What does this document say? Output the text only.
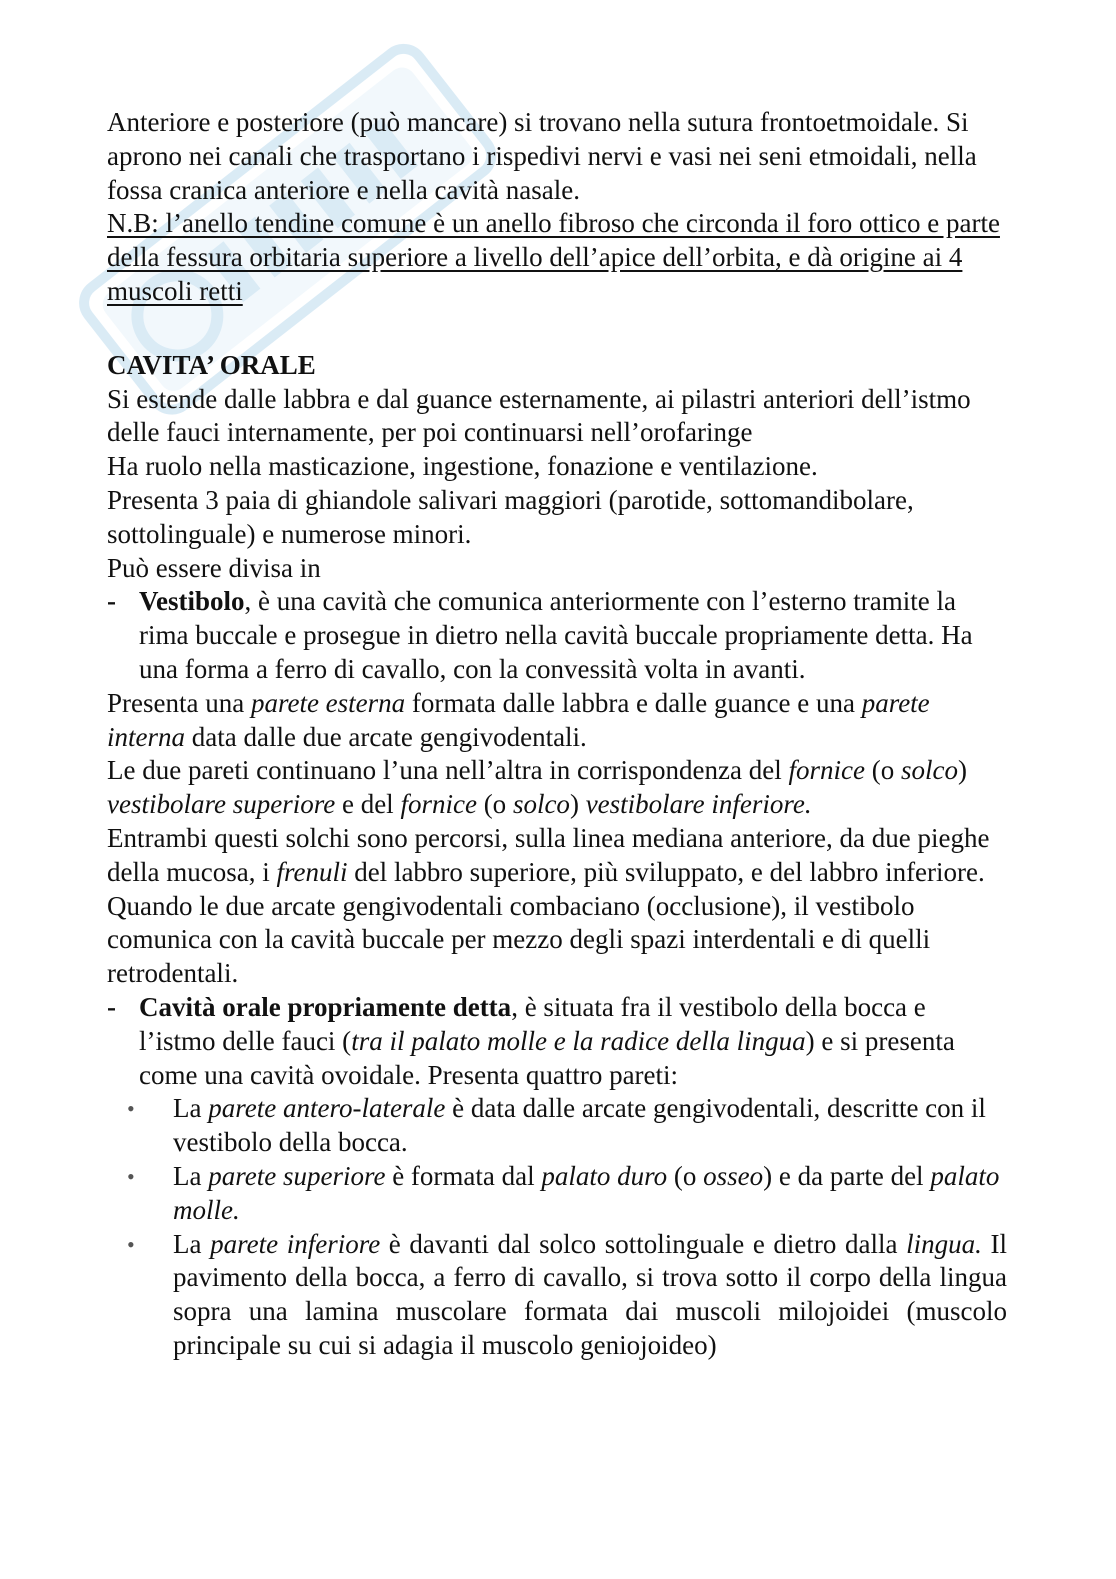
Anteriore e posteriore (può mancare) si trovano nella sutura frontoetmoidale. Si aprono nei canali che trasportano i rispedivi nervi e vasi nei seni etmoidali, nella fossa cranica anteriore e nella cavità nasale.

N.B: l’anello tendine comune è un anello fibroso che circonda il foro ottico e parte della fessura orbitaria superiore a livello dell’apice dell’orbita, e dà origine ai 4 muscoli retti

CAVITA’ ORALE

Si estende dalle labbra e dal guance esternamente, ai pilastri anteriori dell’istmo delle fauci internamente, per poi continuarsi nell’orofaringe

Ha ruolo nella masticazione, ingestione, fonazione e ventilazione.

Presenta 3 paia di ghiandole salivari maggiori (parotide, sottomandibolare, sottolinguale) e numerose minori.

Può essere divisa in

- Vestibolo, è una cavità che comunica anteriormente con l’esterno tramite la rima buccale e prosegue in dietro nella cavità buccale propriamente detta. Ha una forma a ferro di cavallo, con la convessità volta in avanti.

Presenta una parete esterna formata dalle labbra e dalle guance e una parete interna data dalle due arcate gengivodentali.

Le due pareti continuano l’una nell’altra in corrispondenza del fornice (o solco) vestibolare superiore e del fornice (o solco) vestibolare inferiore.

Entrambi questi solchi sono percorsi, sulla linea mediana anteriore, da due pieghe della mucosa, i frenuli del labbro superiore, più sviluppato, e del labbro inferiore.

Quando le due arcate gengivodentali combaciano (occlusione), il vestibolo comunica con la cavità buccale per mezzo degli spazi interdentali e di quelli retrodentali.

- Cavità orale propriamente detta, è situata fra il vestibolo della bocca e l’istmo delle fauci (tra il palato molle e la radice della lingua) e si presenta come una cavità ovoidale. Presenta quattro pareti:
• La parete antero-laterale è data dalle arcate gengivodentali, descritte con il vestibolo della bocca.
• La parete superiore è formata dal palato duro (o osseo) e da parte del palato molle.
• La parete inferiore è davanti dal solco sottolinguale e dietro dalla lingua. Il pavimento della bocca, a ferro di cavallo, si trova sotto il corpo della lingua sopra una lamina muscolare formata dai muscoli milojoidei (muscolo principale su cui si adagia il muscolo geniojoideo)
